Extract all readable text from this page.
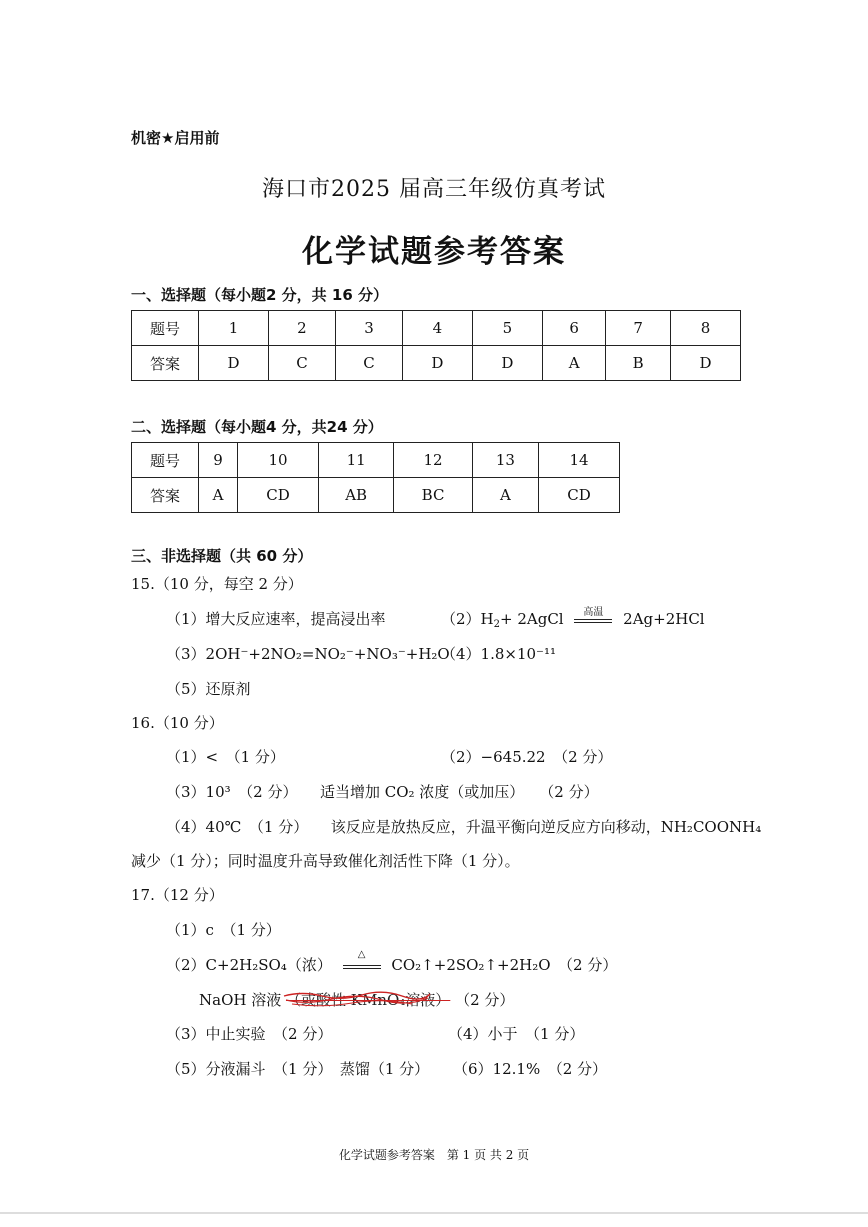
机密★启用前
海口市2025 届高三年级仿真考试
化学试题参考答案
一、选择题（每小题2 分，共 16 分）
题号	1	2	3	4	5	6	7	8
答案	D	C	C	D	D	A	B	D
二、选择题（每小题4 分，共24 分）
题号	9	10	11	12	13	14
答案	A	CD	AB	BC	A	CD
三、非选择题（共 60 分）
15.（10 分，每空 2 分）
（1）增大反应速率，提高浸出率	$(2)H_2+$ 2AgCl	高温	2Ag+2HCl
（3）2OH⁻+2NO₂=NO₂⁻+NO₃⁻+H₂O
（4）1.8×10⁻¹¹
（5）还原剂
16.（10 分）
（1）<　（1 分）	（2）−645.22　（2 分）
（3）10³　（2 分）　　适当增加 CO₂ 浓度（或加压）　　（2 分）
（4）40℃　（1 分）　　该反应是放热反应，升温平衡向逆反应方向移动，NH₂COONH₄
减少（1 分）；同时温度升高导致催化剂活性下降（1 分）。
17.（12 分）
（1）c　（1 分）
（2）C+2H₂SO₄（浓）
△
CO₂↑+2SO₂↑+2H₂O　（2 分）
NaOH 溶液 （或酸性 KMnO₄溶液） （2 分）
（3）中止实验　（2 分）	（4）小于　（1 分）
（5）分液漏斗　（1 分）　蒸馏（1 分） （6）12.1%　（2 分）
化学试题参考答案　第 1 页 共 2 页
